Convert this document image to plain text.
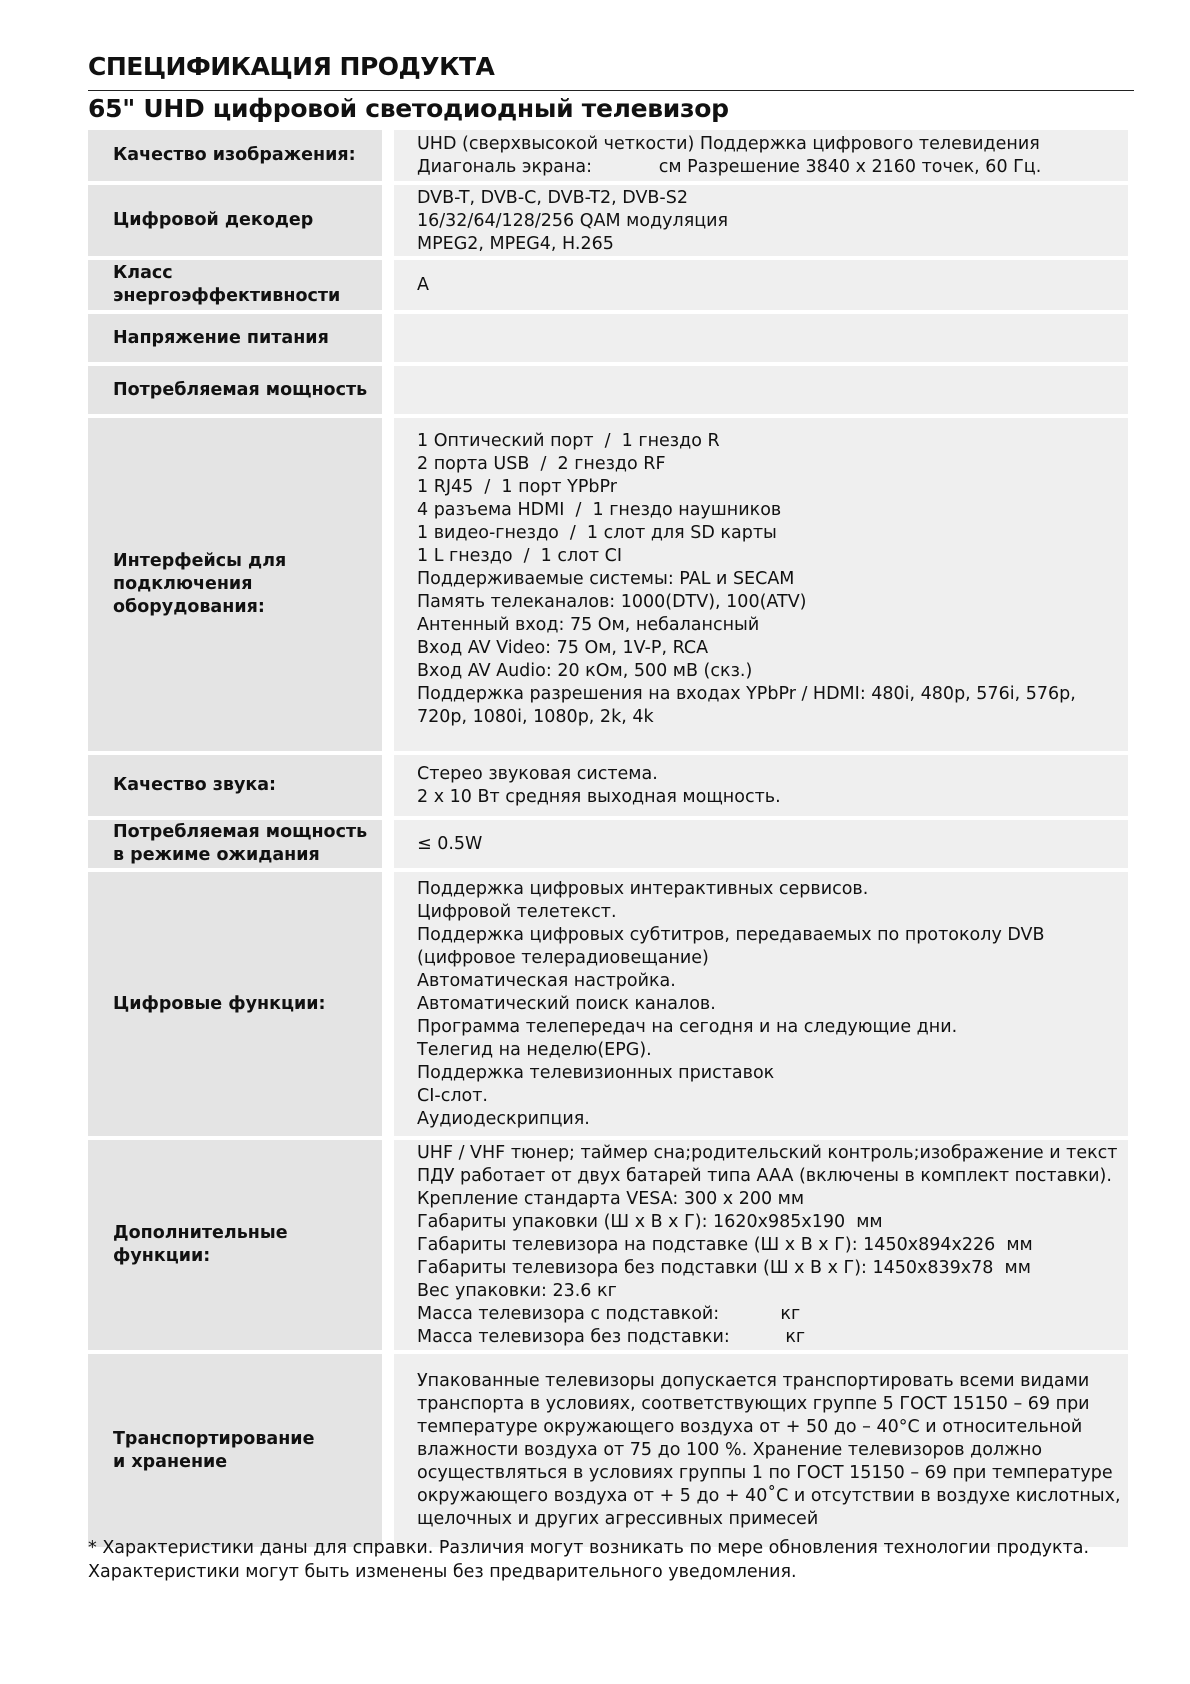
СПЕЦИФИКАЦИЯ ПРОДУКТА
65" UHD цифровой светодиодный телевизор
Качество изображения:
UHD (сверхвысокой четкости) Поддержка цифрового телевидения
Диагональ экрана:            см Разрешение 3840 х 2160 точек, 60 Гц.
Цифровой декодер
DVB-T, DVB-C, DVB-T2, DVB-S2
16/32/64/128/256 QAM модуляция
MPEG2, MPEG4, H.265
Класс
энергоэффективности
A
Напряжение питания
Потребляемая мощность
Интерфейсы для
подключения
оборудования:
1 Оптический порт  /  1 гнездо R
2 порта USB  /  2 гнездо RF
1 RJ45  /  1 порт YPbPr
4 разъема HDMI  /  1 гнездо наушников
1 видео-гнездо  /  1 слот для SD карты
1 L гнездо  /  1 слот CI
Поддерживаемые системы: PAL и SECAM
Память телеканалов: 1000(DTV), 100(ATV)
Антенный вход: 75 Ом, небалансный
Вход AV Video: 75 Ом, 1V-P, RCA
Вход AV Audio: 20 кОм, 500 мВ (скз.)
Поддержка разрешения на входах YPbPr / HDMI: 480i, 480p, 576i, 576p,
720p, 1080i, 1080p, 2k, 4k
Качество звука:
Стерео звуковая система.
2 х 10 Вт средняя выходная мощность.
Потребляемая мощность
в режиме ожидания
≤ 0.5W
Цифровые функции:
Поддержка цифровых интерактивных сервисов.
Цифровой телетекст.
Поддержка цифровых субтитров, передаваемых по протоколу DVB
(цифровое телерадиовещание)
Автоматическая настройка.
Автоматический поиск каналов.
Программа телепередач на сегодня и на следующие дни.
Телегид на неделю(EPG).
Поддержка телевизионных приставок
CI-слот.
Аудиодескрипция.
Дополнительные
функции:
UHF / VHF тюнер; таймер сна;родительский контроль;изображение и текст
ПДУ работает от двух батарей типа AAA (включены в комплект поставки).
Крепление стандарта VESA: 300 x 200 мм
Габариты упаковки (Ш х В х Г): 1620x985x190  мм
Габариты телевизора на подставке (Ш х В х Г): 1450x894x226  мм
Габариты телевизора без подставки (Ш х В х Г): 1450x839x78  мм
Вес упаковки: 23.6 кг
Масса телевизора с подставкой:           кг
Масса телевизора без подставки:          кг
Транспортирование
и хранение
Упакованные телевизоры допускается транспортировать всеми видами
транспорта в условиях, соответствующих группе 5 ГОСТ 15150 – 69 при
температуре окружающего воздуха от + 50 до – 40°С и относительной
влажности воздуха от 75 до 100 %. Хранение телевизоров должно
осуществляться в условиях группы 1 по ГОСТ 15150 – 69 при температуре
окружающего воздуха от + 5 до + 40˚С и отсутствии в воздухе кислотных,
щелочных и других агрессивных примесей
* Характеристики даны для справки. Различия могут возникать по мере обновления технологии продукта.
Характеристики могут быть изменены без предварительного уведомления.
